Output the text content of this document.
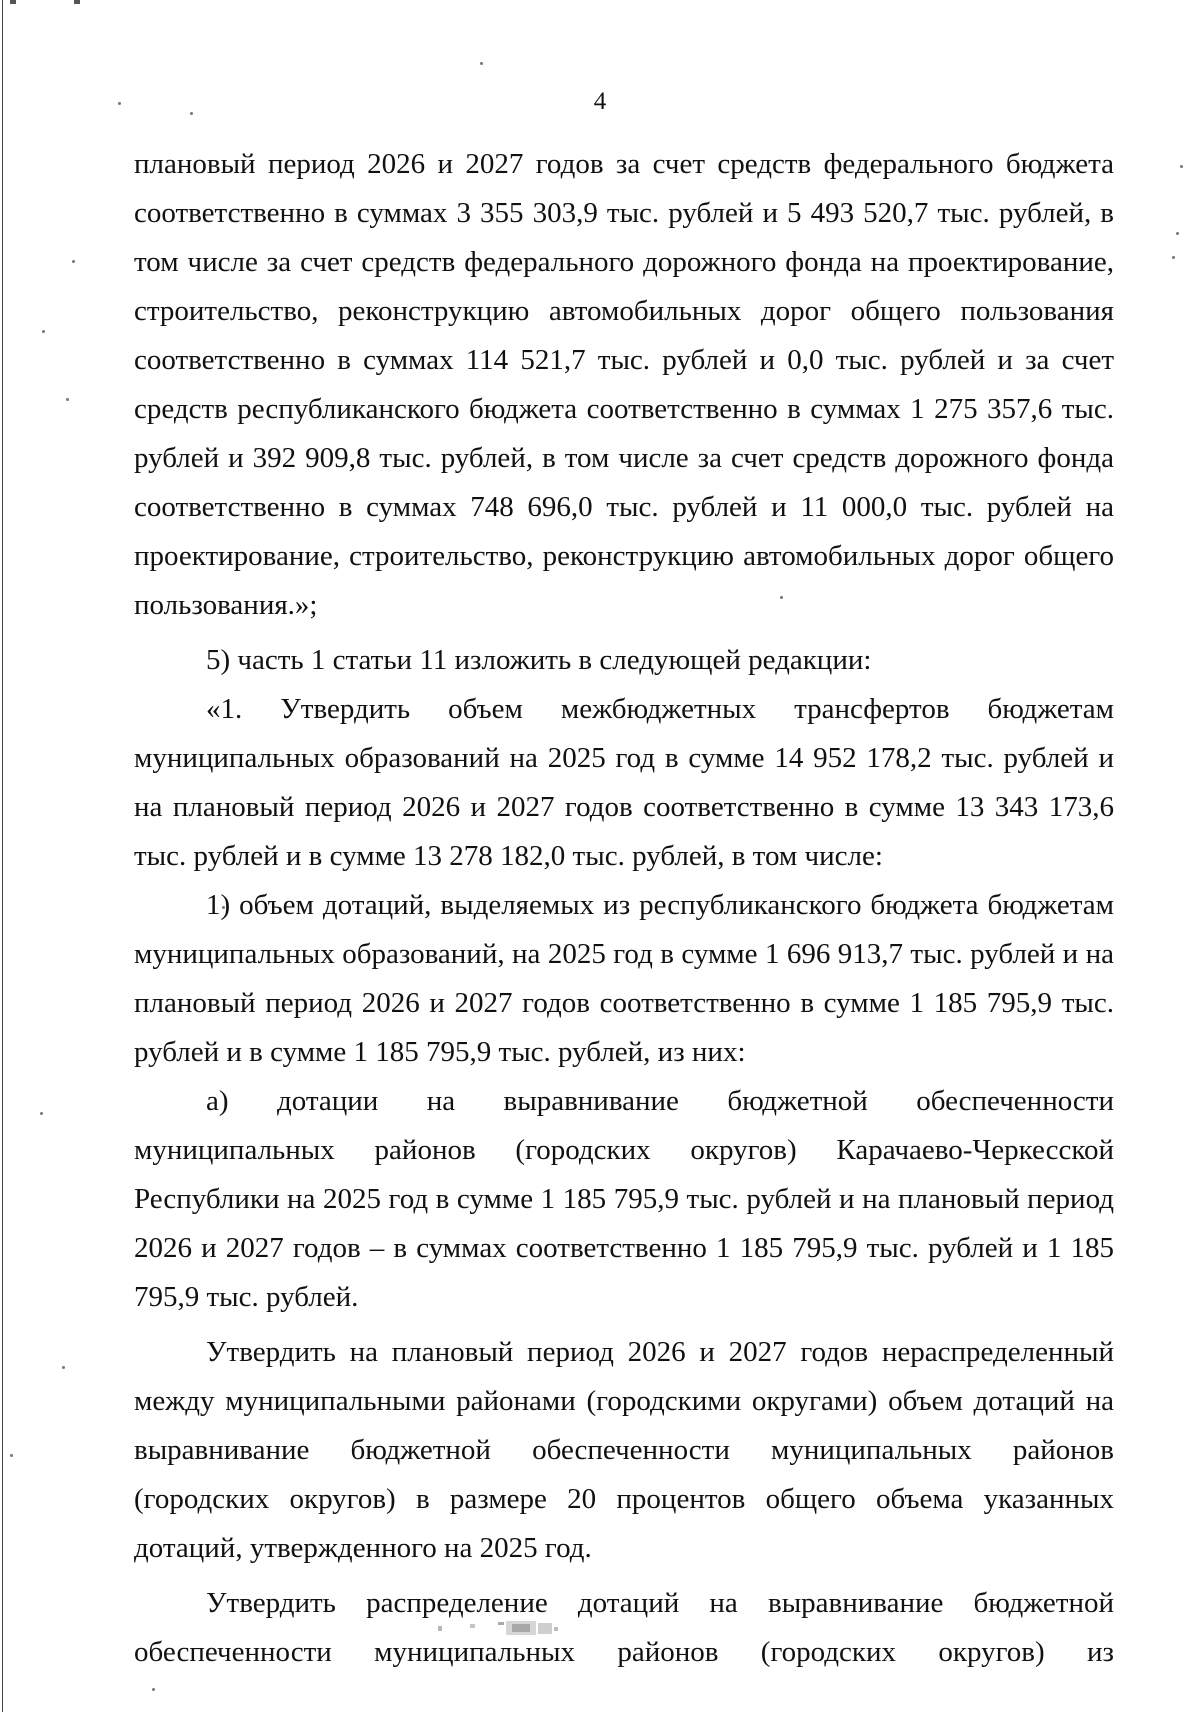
4

плановый период 2026 и 2027 годов за счет средств федерального бюджета соответственно в суммах 3 355 303,9 тыс. рублей и 5 493 520,7 тыс. рублей, в том числе за счет средств федерального дорожного фонда на проектирование, строительство, реконструкцию автомобильных дорог общего пользования соответственно в суммах 114 521,7 тыс. рублей и 0,0 тыс. рублей и за счет средств республиканского бюджета соответственно в суммах 1 275 357,6 тыс. рублей и 392 909,8 тыс. рублей, в том числе за счет средств дорожного фонда соответственно в суммах 748 696,0 тыс. рублей и 11 000,0 тыс. рублей на проектирование, строительство, реконструкцию автомобильных дорог общего пользования.»;

5) часть 1 статьи 11 изложить в следующей редакции:

«1. Утвердить объем межбюджетных трансфертов бюджетам муниципальных образований на 2025 год в сумме 14 952 178,2 тыс. рублей и на плановый период 2026 и 2027 годов соответственно в сумме 13 343 173,6 тыс. рублей и в сумме 13 278 182,0 тыс. рублей, в том числе:

1) объем дотаций, выделяемых из республиканского бюджета бюджетам муниципальных образований, на 2025 год в сумме 1 696 913,7 тыс. рублей и на плановый период 2026 и 2027 годов соответственно в сумме 1 185 795,9 тыс. рублей и в сумме 1 185 795,9 тыс. рублей, из них:

а) дотации на выравнивание бюджетной обеспеченности муниципальных районов (городских округов) Карачаево-Черкесской Республики на 2025 год в сумме 1 185 795,9 тыс. рублей и на плановый период 2026 и 2027 годов – в суммах соответственно 1 185 795,9 тыс. рублей и 1 185 795,9 тыс. рублей.

Утвердить на плановый период 2026 и 2027 годов нераспределенный между муниципальными районами (городскими округами) объем дотаций на выравнивание бюджетной обеспеченности муниципальных районов (городских округов) в размере 20 процентов общего объема указанных дотаций, утвержденного на 2025 год.

Утвердить распределение дотаций на выравнивание бюджетной обеспеченности муниципальных районов (городских округов) из
